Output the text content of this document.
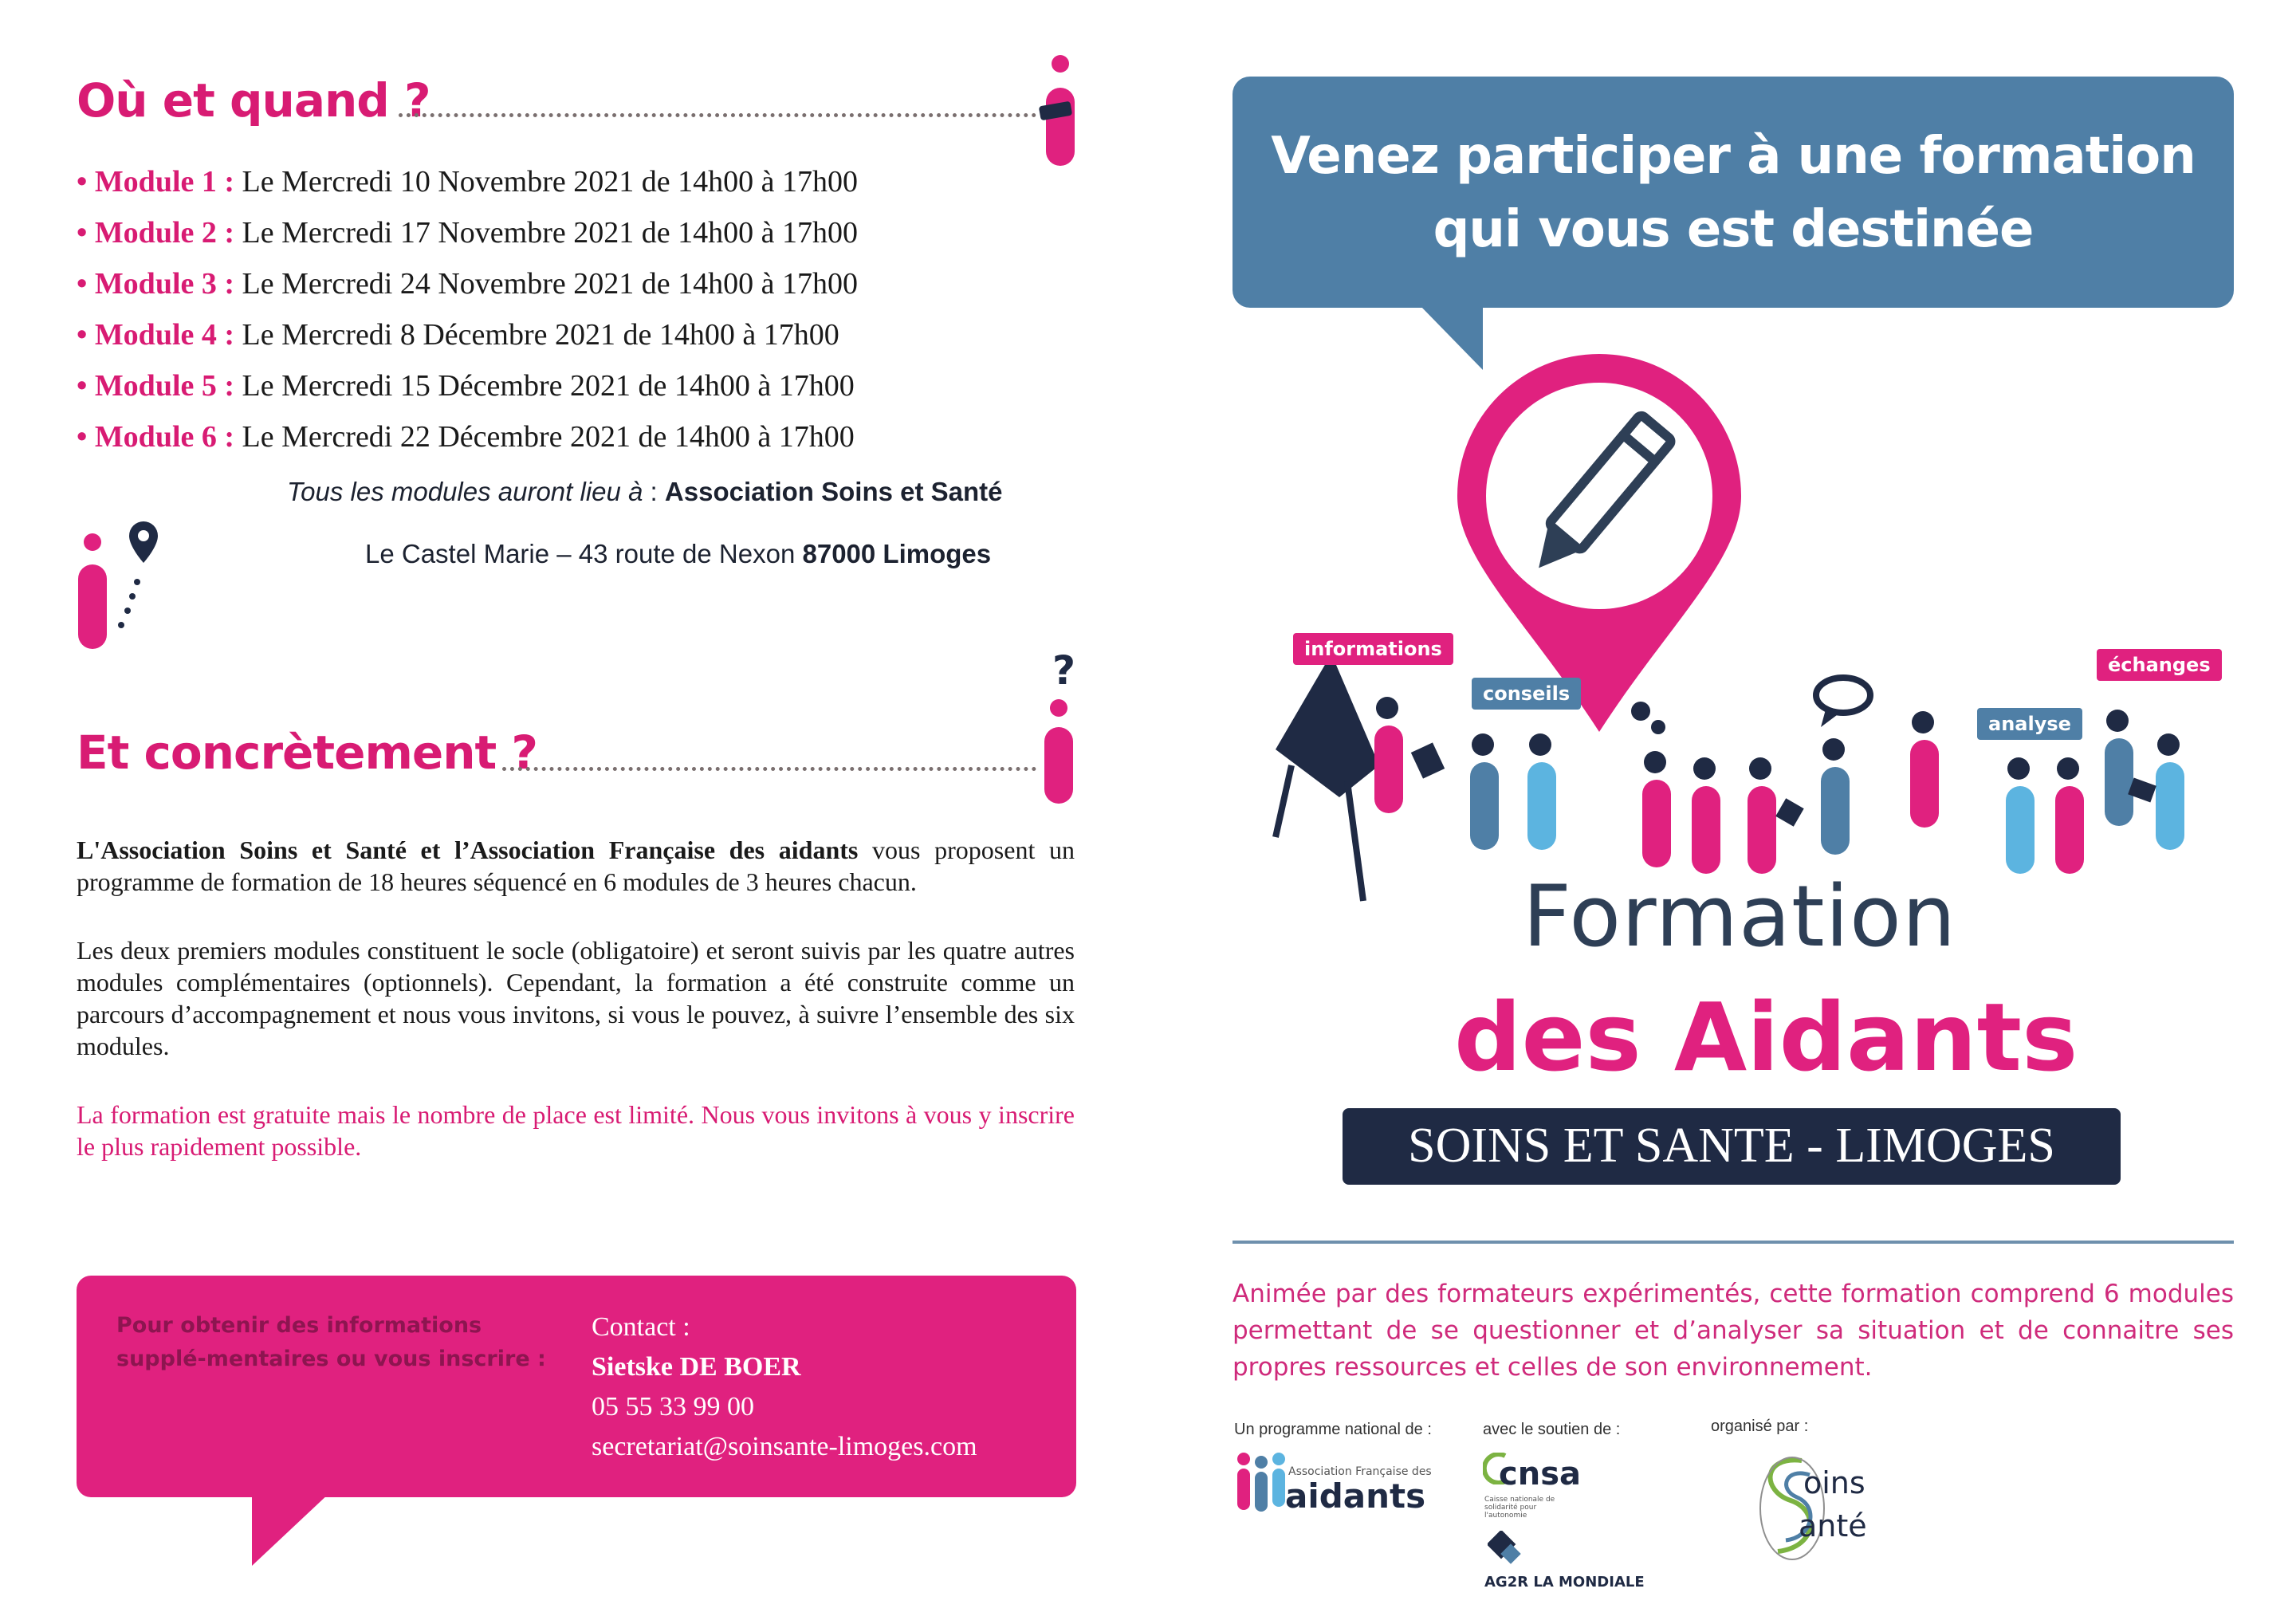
Où et quand ?
• Module 1 : Le Mercredi 10 Novembre 2021 de 14h00 à 17h00
• Module 2 : Le Mercredi 17 Novembre 2021 de 14h00 à 17h00
• Module 3 : Le Mercredi 24 Novembre 2021 de 14h00 à 17h00
• Module 4 : Le Mercredi 8 Décembre 2021 de 14h00 à 17h00
• Module 5 : Le Mercredi 15 Décembre 2021 de 14h00 à 17h00
• Module 6 : Le Mercredi 22 Décembre 2021 de 14h00 à 17h00
Tous les modules auront lieu à : Association Soins et Santé
Le Castel Marie – 43 route de Nexon 87000 Limoges
Et concrètement ?
?
L'Association Soins et Santé et l’Association Française des aidants vous proposent un programme de formation de 18 heures séquencé en 6 modules de 3 heures chacun.
Les deux premiers modules constituent le socle (obligatoire) et seront suivis par les quatre autres modules complémentaires (optionnels). Cependant, la formation a été construite comme un parcours d’accompagnement et nous vous invitons, si vous le pouvez, à suivre l’ensemble des six modules.
La formation est gratuite mais le nombre de place est limité. Nous vous invitons à vous y inscrire le plus rapidement possible.
Pour obtenir des informations supplé-mentaires ou vous inscrire :
Contact :
Sietske DE BOER
05 55 33 99 00
secretariat@soinsante-limoges.com
Venez participer à une formation
qui vous est destinée
informations
conseils
analyse
échanges
Formation
des Aidants
SOINS ET SANTE - LIMOGES
Animée par des formateurs expérimentés, cette formation comprend 6 modules permettant de se questionner et d’analyser sa situation et de connaitre ses propres ressources et celles de son environnement.
Un programme national de :	avec le soutien de :	organisé par :
Association Française des
aidants
cnsa
Caisse nationale de solidarité pour l'autonomie
AG2R LA MONDIALE
oins
anté
